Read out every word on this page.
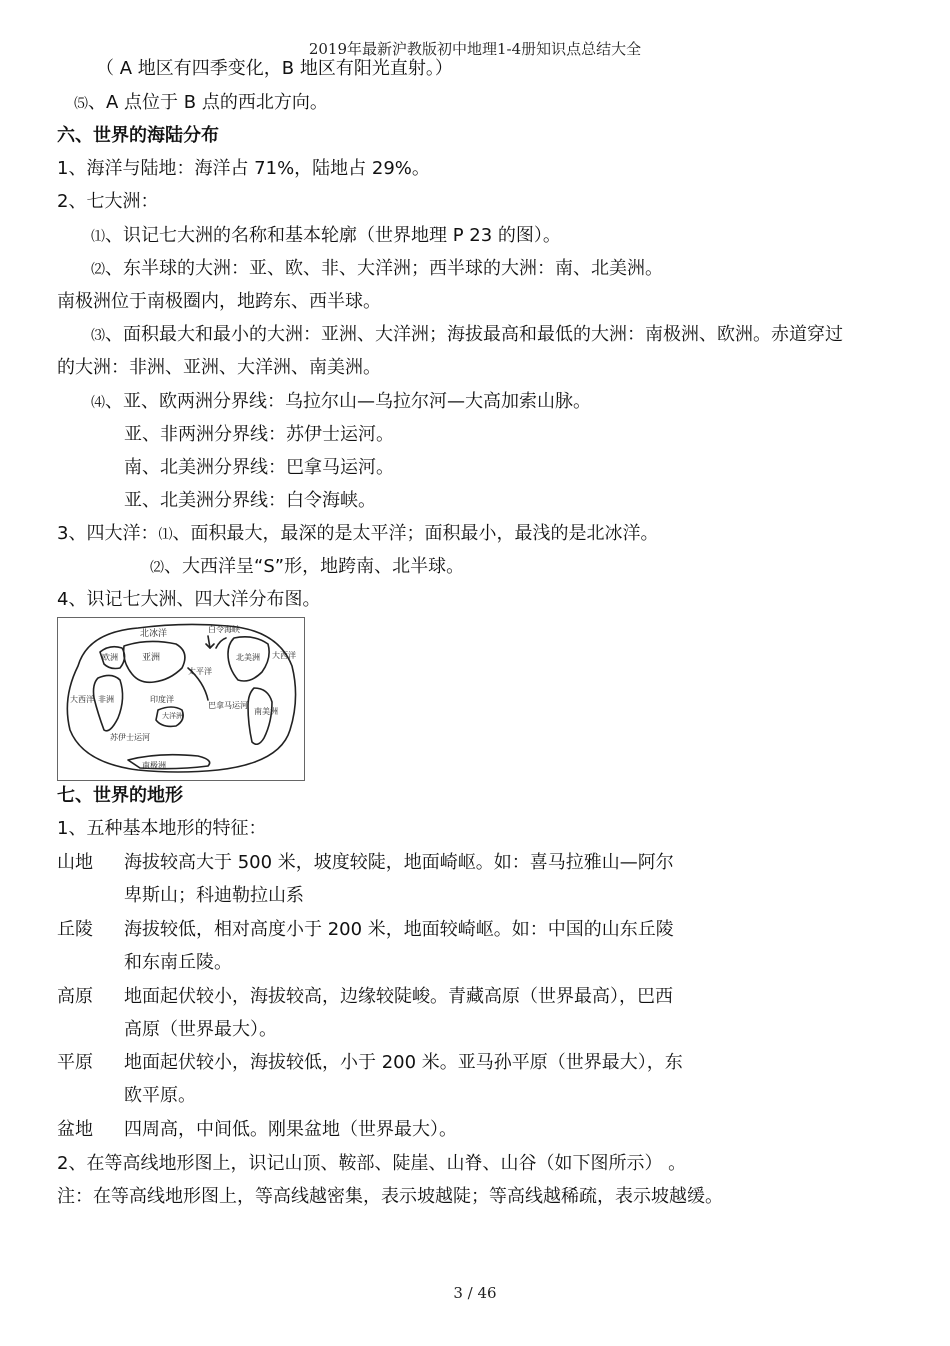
2019年最新沪教版初中地理1-4册知识点总结大全
（ A 地区有四季变化，B 地区有阳光直射。）
⑸、A 点位于 B 点的西北方向。
六、世界的海陆分布
1、海洋与陆地：海洋占 71%，陆地占 29%。
2、七大洲：
⑴、识记七大洲的名称和基本轮廓（世界地理 P 23 的图）。
⑵、东半球的大洲：亚、欧、非、大洋洲；西半球的大洲：南、北美洲。
南极洲位于南极圈内，地跨东、西半球。
⑶、面积最大和最小的大洲：亚洲、大洋洲；海拔最高和最低的大洲：南极洲、欧洲。赤道穿过
的大洲：非洲、亚洲、大洋洲、南美洲。
⑷、亚、欧两洲分界线：乌拉尔山—乌拉尔河—大高加索山脉。
亚、非两洲分界线：苏伊士运河。
南、北美洲分界线：巴拿马运河。
亚、北美洲分界线：白令海峡。
3、四大洋：⑴、面积最大，最深的是太平洋；面积最小，最浅的是北冰洋。
⑵、大西洋呈“S”形，地跨南、北半球。
4、识记七大洲、四大洋分布图。
北冰洋	白令海峡
欧洲	亚洲	北美洲 大西洋
大西洋 非洲	印度洋
太平洋
巴拿马运河
南美洲
苏伊士运河
大洋洲
南极洲
七、世界的地形
1、五种基本地形的特征：
山地 海拔较高大于 500 米，坡度较陡，地面崎岖。如：喜马拉雅山—阿尔
卑斯山；科迪勒拉山系
丘陵 海拔较低，相对高度小于 200 米，地面较崎岖。如：中国的山东丘陵
和东南丘陵。
高原 地面起伏较小，海拔较高，边缘较陡峻。青藏高原（世界最高），巴西
高原（世界最大）。
平原 地面起伏较小，海拔较低，小于 200 米。亚马孙平原（世界最大），东
欧平原。
盆地 四周高，中间低。刚果盆地（世界最大）。
2、在等高线地形图上，识记山顶、鞍部、陡崖、山脊、山谷（如下图所示） 。
注：在等高线地形图上，等高线越密集，表示坡越陡；等高线越稀疏，表示坡越缓。
3 / 46
